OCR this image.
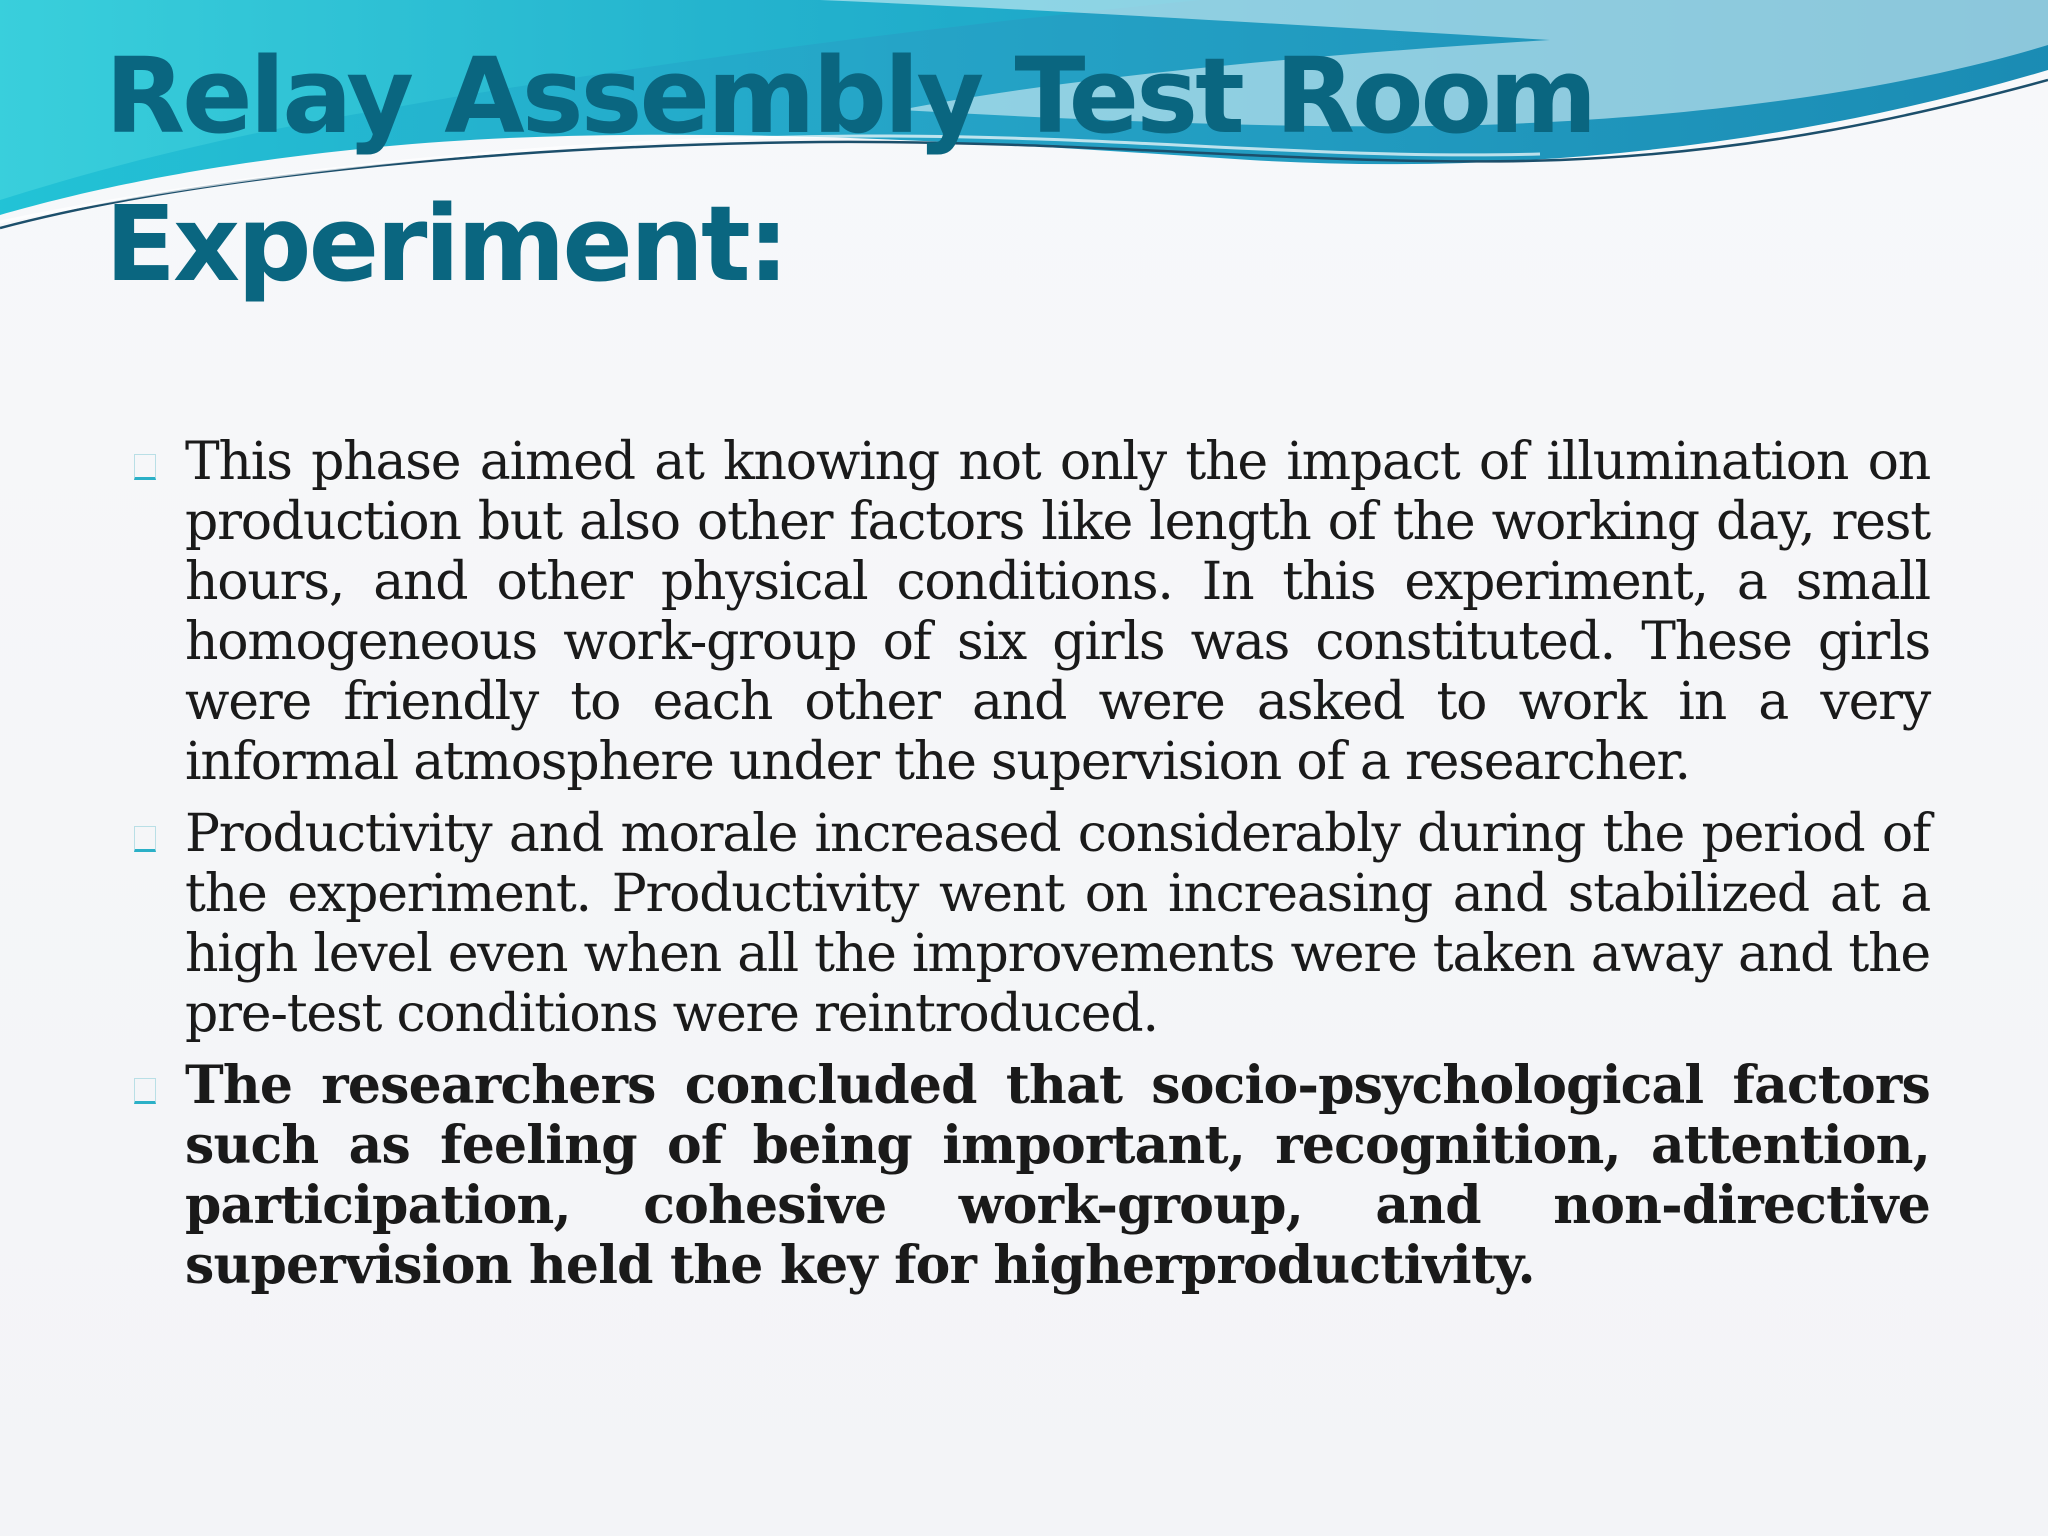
Relay Assembly Test Room Experiment:
This phase aimed at knowing not only the impact of illumination on production but also other factors like length of the working day, rest hours, and other physical conditions. In this experiment, a small homogeneous work-group of six girls was constituted. These girls were friendly to each other and were asked to work in a very informal atmosphere under the supervision of a researcher.
Productivity and morale increased considerably during the period of the experiment. Productivity went on increasing and stabilized at a high level even when all the improvements were taken away and the pre-test conditions were reintroduced.
The researchers concluded that socio-psychological factors such as feeling of being important, recognition, attention, participation, cohesive work-group, and non-directive supervision held the key for higherproductivity.
